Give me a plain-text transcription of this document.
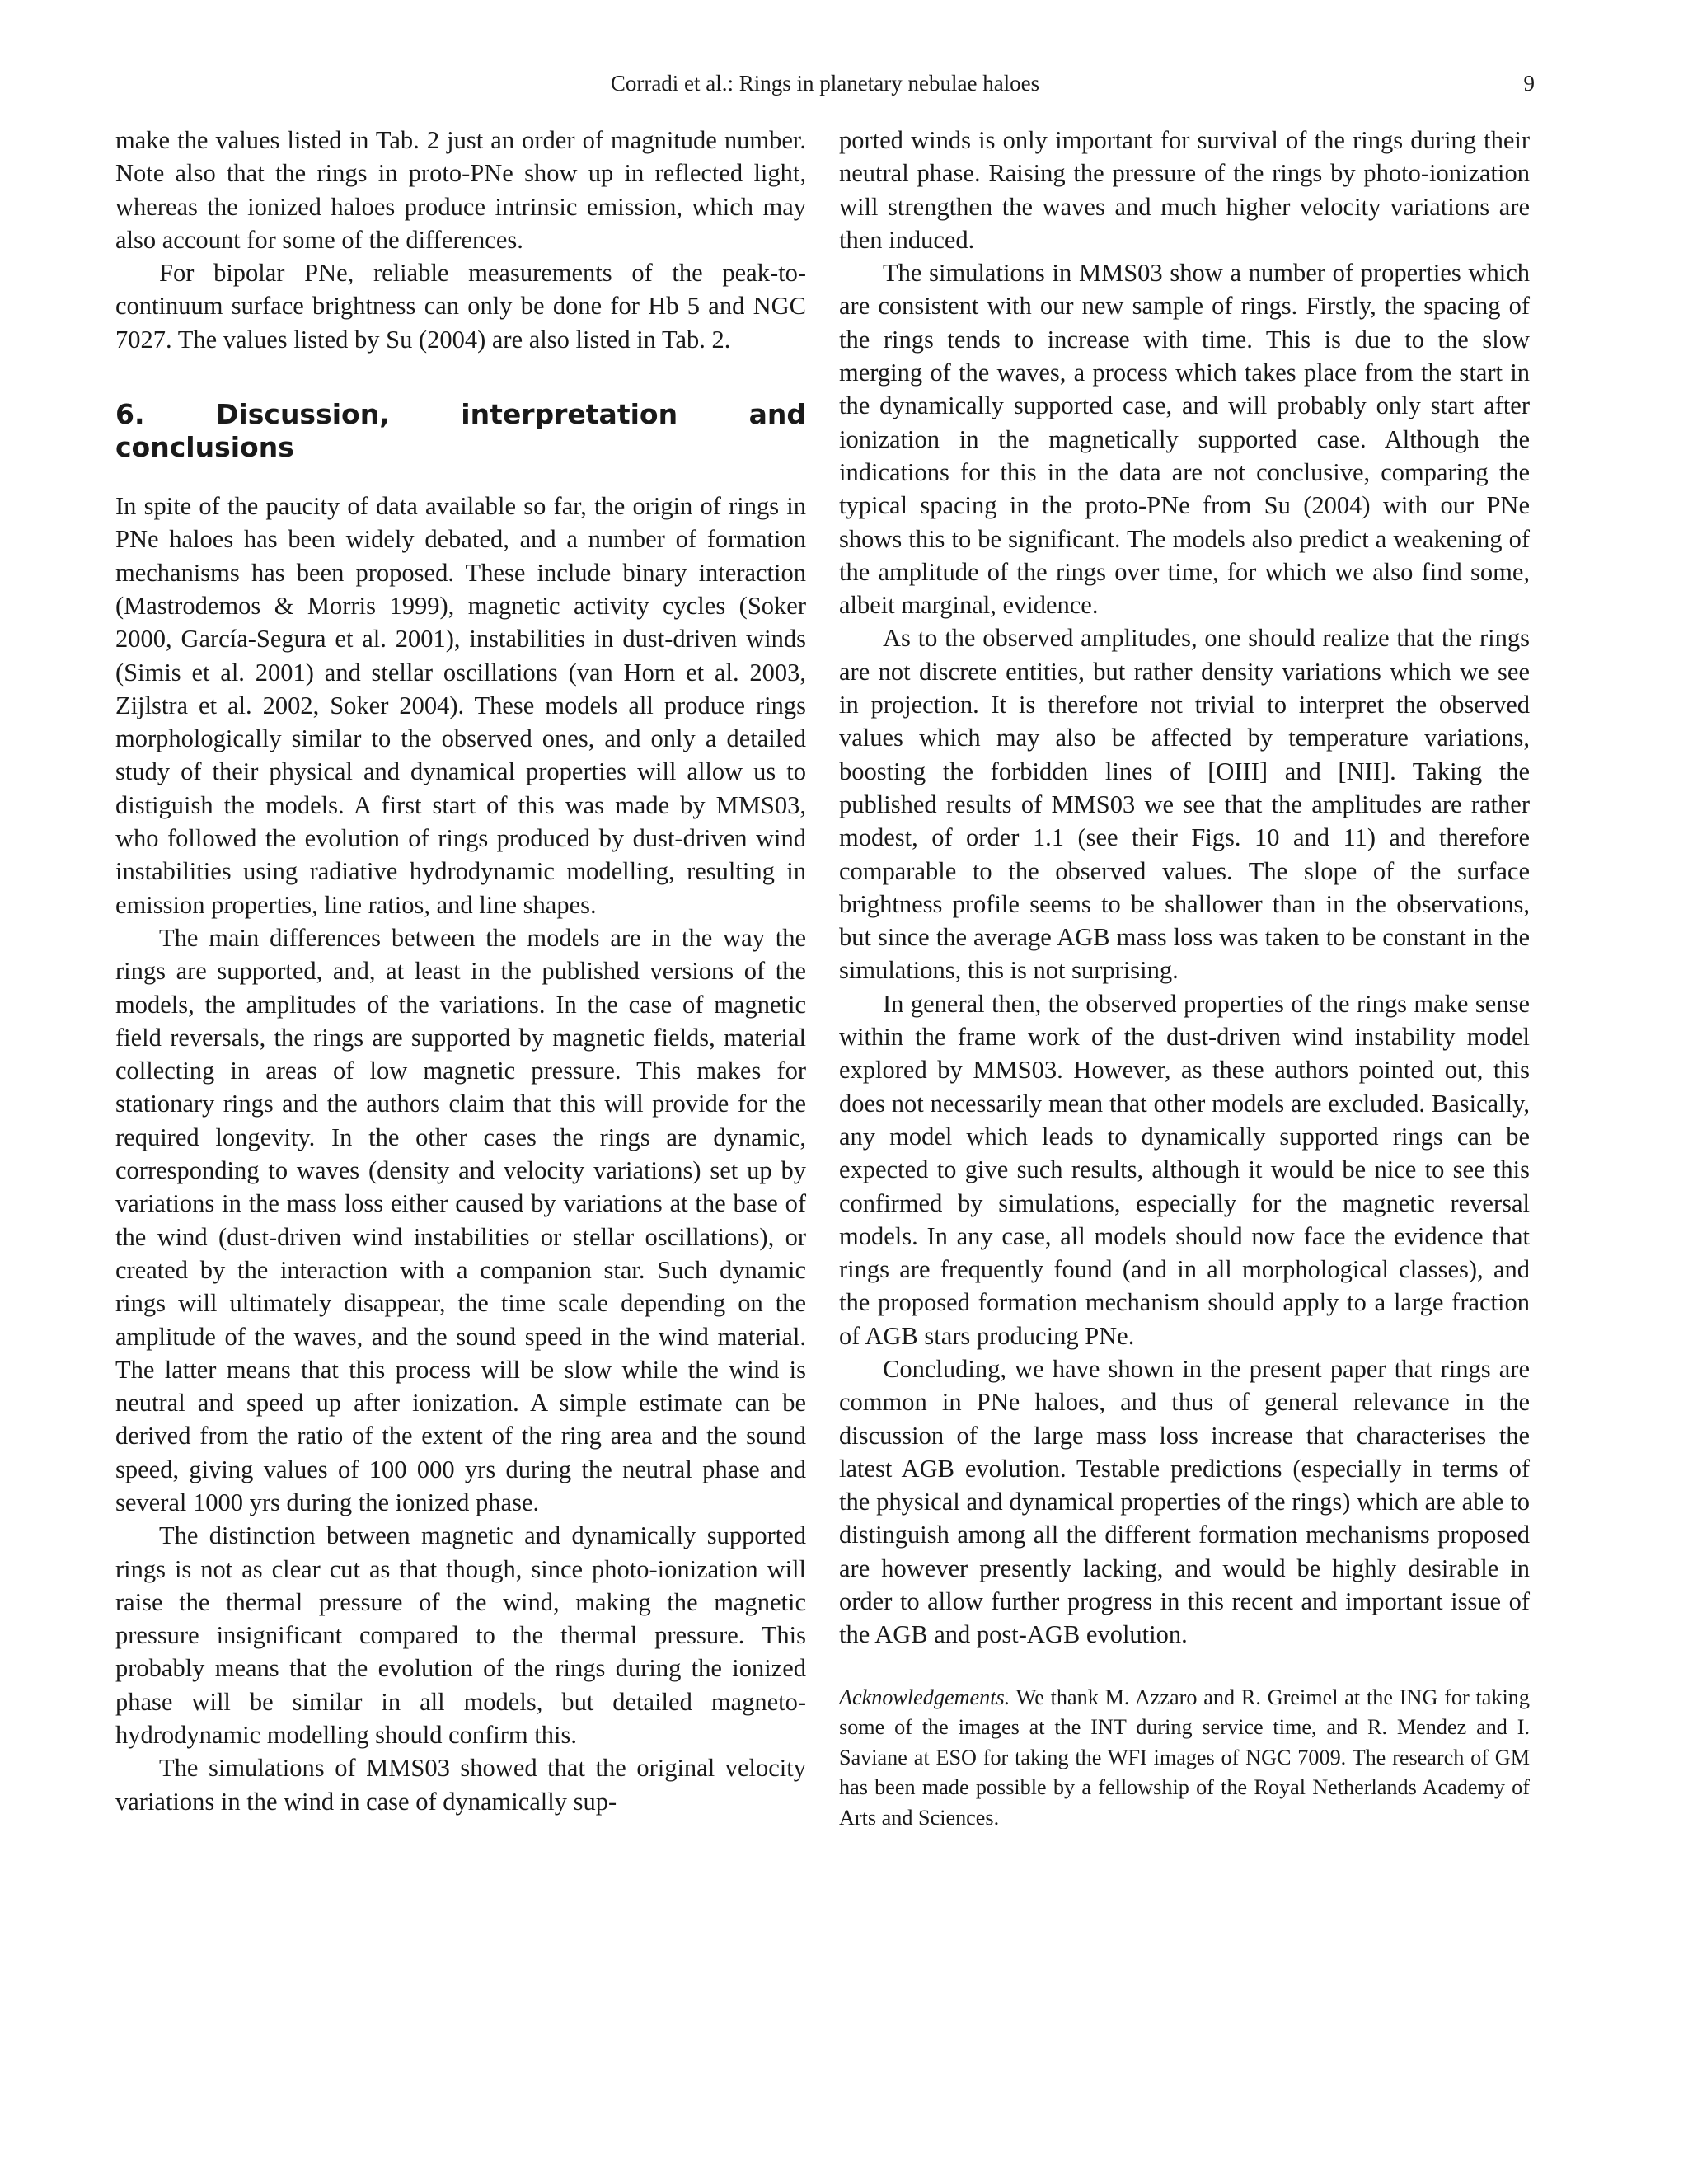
Corradi et al.: Rings in planetary nebulae haloes	9

make the values listed in Tab. 2 just an order of magnitude number. Note also that the rings in proto-PNe show up in reflected light, whereas the ionized haloes produce intrinsic emission, which may also account for some of the differences.

For bipolar PNe, reliable measurements of the peak-to-continuum surface brightness can only be done for Hb 5 and NGC 7027. The values listed by Su (2004) are also listed in Tab. 2.

6. Discussion, interpretation and conclusions

In spite of the paucity of data available so far, the origin of rings in PNe haloes has been widely debated, and a number of formation mechanisms has been proposed. These include binary interaction (Mastrodemos & Morris 1999), magnetic activity cycles (Soker 2000, García-Segura et al. 2001), instabilities in dust-driven winds (Simis et al. 2001) and stellar oscillations (van Horn et al. 2003, Zijlstra et al. 2002, Soker 2004). These models all produce rings morphologically similar to the observed ones, and only a detailed study of their physical and dynamical properties will allow us to distiguish the models. A first start of this was made by MMS03, who followed the evolution of rings produced by dust-driven wind instabilities using radiative hydrodynamic modelling, resulting in emission properties, line ratios, and line shapes.

The main differences between the models are in the way the rings are supported, and, at least in the published versions of the models, the amplitudes of the variations. In the case of magnetic field reversals, the rings are supported by magnetic fields, material collecting in areas of low magnetic pressure. This makes for stationary rings and the authors claim that this will provide for the required longevity. In the other cases the rings are dynamic, corresponding to waves (density and velocity variations) set up by variations in the mass loss either caused by variations at the base of the wind (dust-driven wind instabilities or stellar oscillations), or created by the interaction with a companion star. Such dynamic rings will ultimately disappear, the time scale depending on the amplitude of the waves, and the sound speed in the wind material. The latter means that this process will be slow while the wind is neutral and speed up after ionization. A simple estimate can be derived from the ratio of the extent of the ring area and the sound speed, giving values of 100 000 yrs during the neutral phase and several 1000 yrs during the ionized phase.

The distinction between magnetic and dynamically supported rings is not as clear cut as that though, since photo-ionization will raise the thermal pressure of the wind, making the magnetic pressure insignificant compared to the thermal pressure. This probably means that the evolution of the rings during the ionized phase will be similar in all models, but detailed magneto-hydrodynamic modelling should confirm this.

The simulations of MMS03 showed that the original velocity variations in the wind in case of dynamically sup-

ported winds is only important for survival of the rings during their neutral phase. Raising the pressure of the rings by photo-ionization will strengthen the waves and much higher velocity variations are then induced.

The simulations in MMS03 show a number of properties which are consistent with our new sample of rings. Firstly, the spacing of the rings tends to increase with time. This is due to the slow merging of the waves, a process which takes place from the start in the dynamically supported case, and will probably only start after ionization in the magnetically supported case. Although the indications for this in the data are not conclusive, comparing the typical spacing in the proto-PNe from Su (2004) with our PNe shows this to be significant. The models also predict a weakening of the amplitude of the rings over time, for which we also find some, albeit marginal, evidence.

As to the observed amplitudes, one should realize that the rings are not discrete entities, but rather density variations which we see in projection. It is therefore not trivial to interpret the observed values which may also be affected by temperature variations, boosting the forbidden lines of [OIII] and [NII]. Taking the published results of MMS03 we see that the amplitudes are rather modest, of order 1.1 (see their Figs. 10 and 11) and therefore comparable to the observed values. The slope of the surface brightness profile seems to be shallower than in the observations, but since the average AGB mass loss was taken to be constant in the simulations, this is not surprising.

In general then, the observed properties of the rings make sense within the frame work of the dust-driven wind instability model explored by MMS03. However, as these authors pointed out, this does not necessarily mean that other models are excluded. Basically, any model which leads to dynamically supported rings can be expected to give such results, although it would be nice to see this confirmed by simulations, especially for the magnetic reversal models. In any case, all models should now face the evidence that rings are frequently found (and in all morphological classes), and the proposed formation mechanism should apply to a large fraction of AGB stars producing PNe.

Concluding, we have shown in the present paper that rings are common in PNe haloes, and thus of general relevance in the discussion of the large mass loss increase that characterises the latest AGB evolution. Testable predictions (especially in terms of the physical and dynamical properties of the rings) which are able to distinguish among all the different formation mechanisms proposed are however presently lacking, and would be highly desirable in order to allow further progress in this recent and important issue of the AGB and post-AGB evolution.

Acknowledgements. We thank M. Azzaro and R. Greimel at the ING for taking some of the images at the INT during service time, and R. Mendez and I. Saviane at ESO for taking the WFI images of NGC 7009. The research of GM has been made possible by a fellowship of the Royal Netherlands Academy of Arts and Sciences.
